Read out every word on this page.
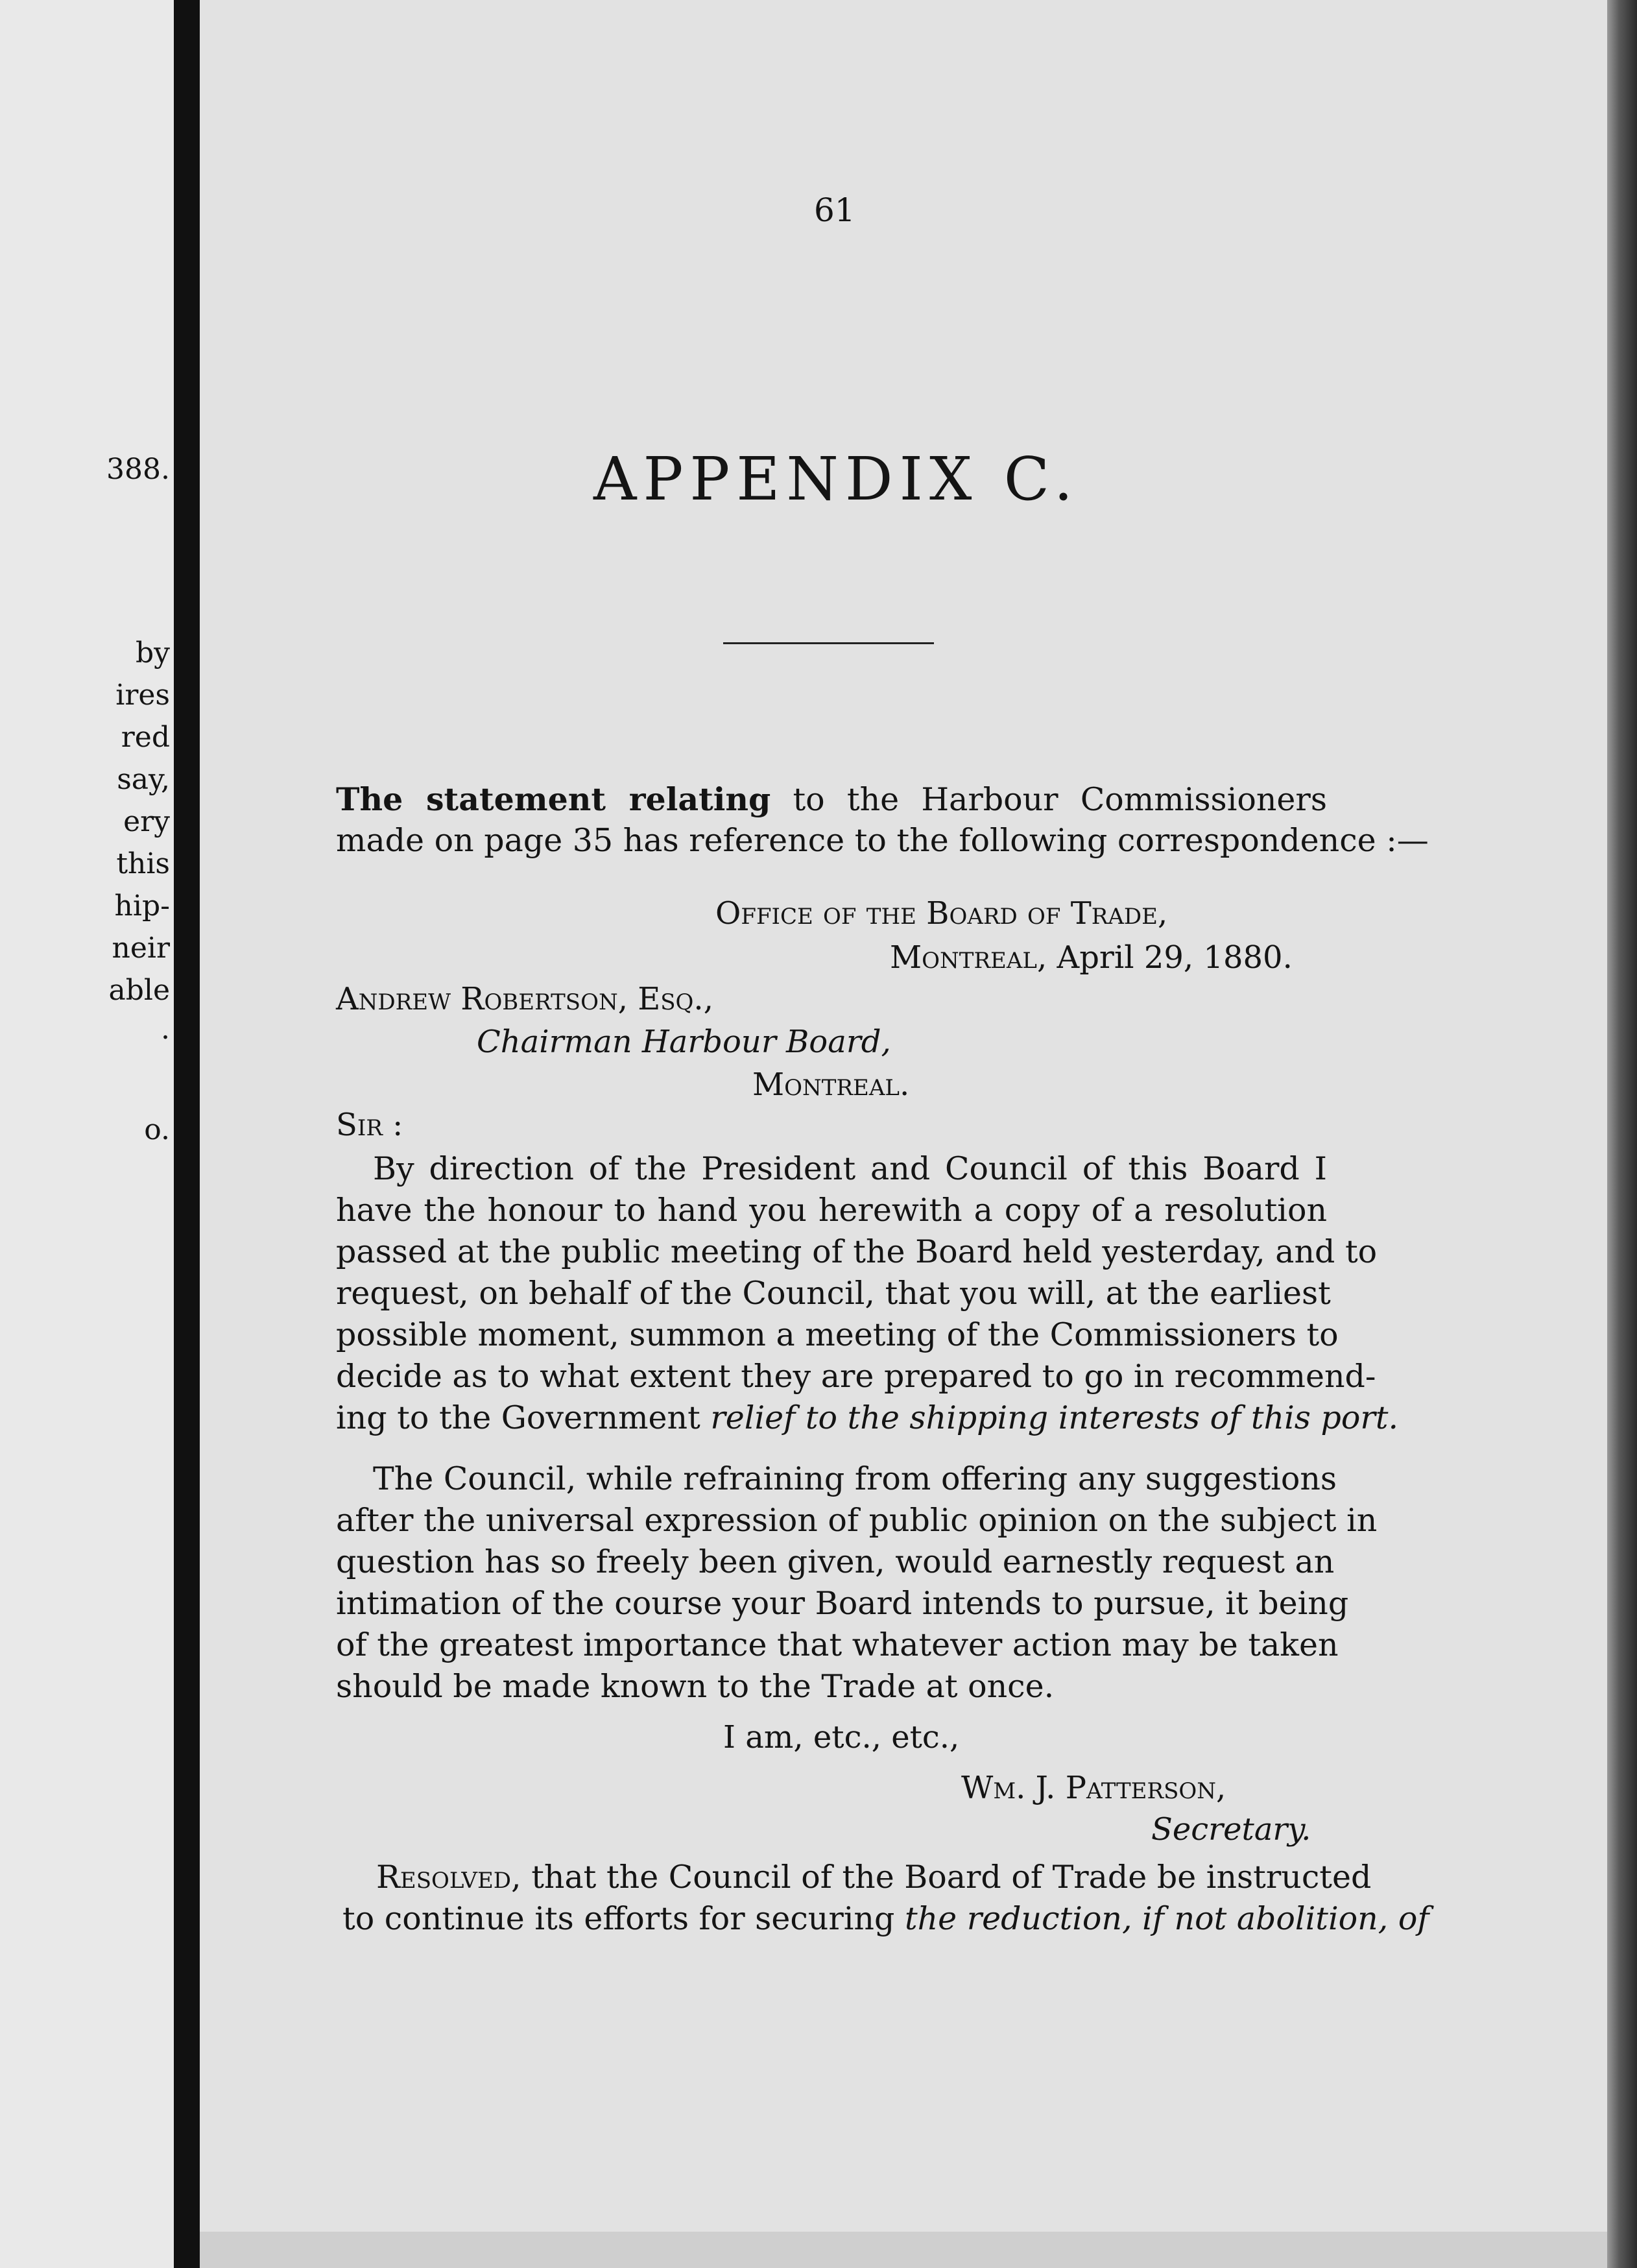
388.
by
ires
red
say,
ery
this
hip-
neir
able
.
o.
61
APPENDIX C.
The statement relating to the Harbour Commissioners
made on page 35 has reference to the following correspondence :—
Office of the Board of Trade,
Montreal, April 29, 1880.
Andrew Robertson, Esq.,
Chairman Harbour Board,
Montreal.
Sir :
By direction of the President and Council of this Board I
have the honour to hand you herewith a copy of a resolution
passed at the public meeting of the Board held yesterday, and to
request, on behalf of the Council, that you will, at the earliest
possible moment, summon a meeting of the Commissioners to
decide as to what extent they are prepared to go in recommend-
ing to the Government relief to the shipping interests of this port.
The Council, while refraining from offering any suggestions
after the universal expression of public opinion on the subject in
question has so freely been given, would earnestly request an
intimation of the course your Board intends to pursue, it being
of the greatest importance that whatever action may be taken
should be made known to the Trade at once.
I am, etc., etc.,
Wm. J. Patterson,
Secretary.
Resolved, that the Council of the Board of Trade be instructed
to continue its efforts for securing the reduction, if not abolition, of
